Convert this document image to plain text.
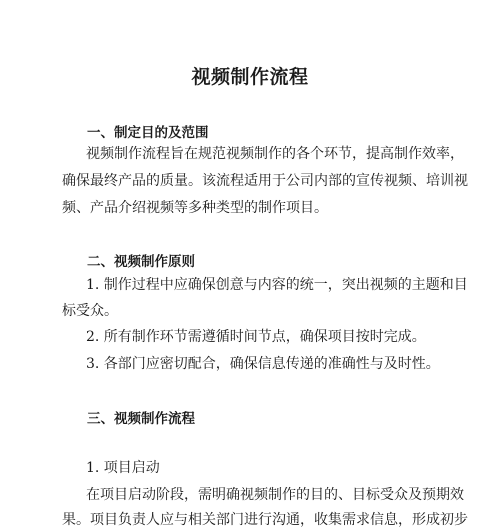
视频制作流程
一、制定目的及范围
视频制作流程旨在规范视频制作的各个环节，提高制作效率，
确保最终产品的质量。该流程适用于公司内部的宣传视频、培训视
频、产品介绍视频等多种类型的制作项目。
二、视频制作原则
1. 制作过程中应确保创意与内容的统一，突出视频的主题和目
标受众。
2. 所有制作环节需遵循时间节点，确保项目按时完成。
3. 各部门应密切配合，确保信息传递的准确性与及时性。
三、视频制作流程
1. 项目启动
在项目启动阶段，需明确视频制作的目的、目标受众及预期效
果。项目负责人应与相关部门进行沟通，收集需求信息，形成初步
